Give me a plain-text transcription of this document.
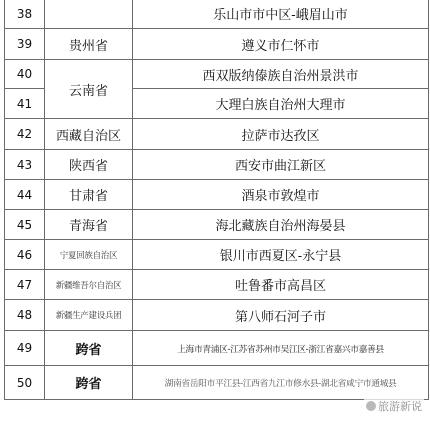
38		乐山市市中区-峨眉山市
39	贵州省	遵义市仁怀市
40	云南省	西双版纳傣族自治州景洪市
41		大理白族自治州大理市
42	西藏自治区	拉萨市达孜区
43	陕西省	西安市曲江新区
44	甘肃省	酒泉市敦煌市
45	青海省	海北藏族自治州海晏县
46	宁夏回族自治区	银川市西夏区-永宁县
47	新疆维吾尔自治区	吐鲁番市高昌区
48	新疆生产建设兵团	第八师石河子市
49	跨省	上海市青浦区-江苏省苏州市吴江区-浙江省嘉兴市嘉善县
50	跨省	湖南省岳阳市平江县-江西省九江市修水县-湖北省咸宁市通城县
旅游新说
